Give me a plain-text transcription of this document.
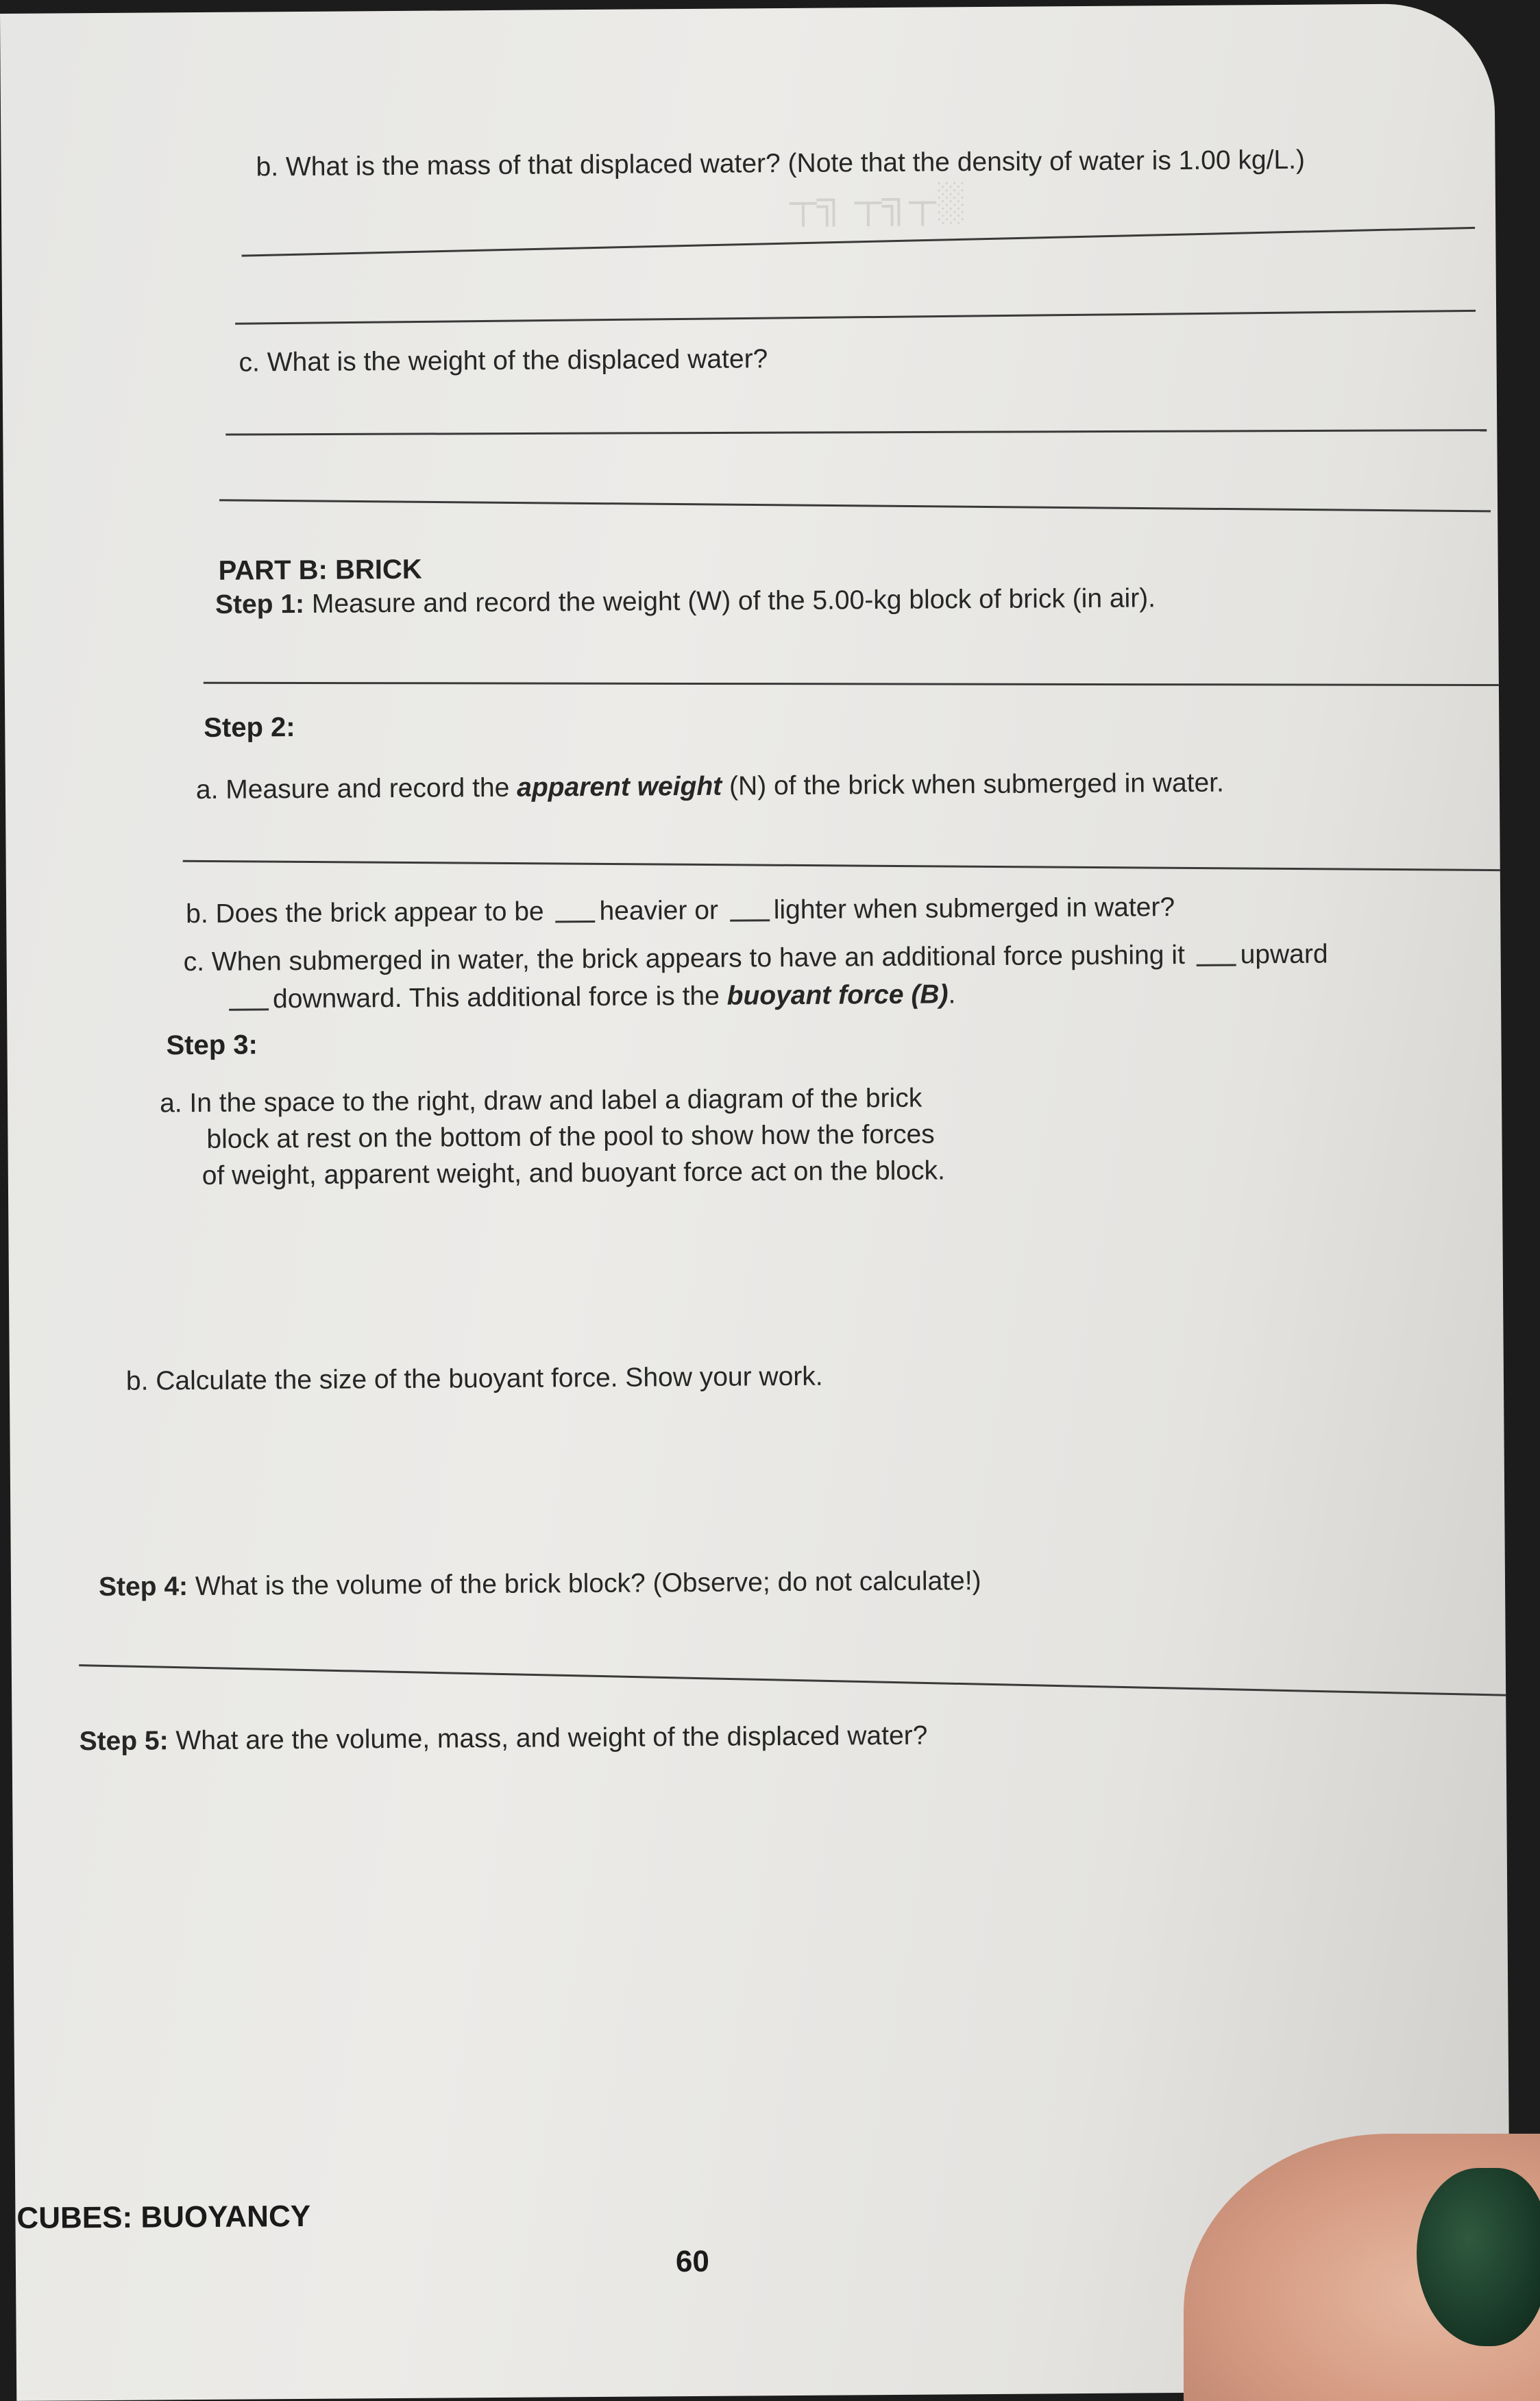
┬╗ ┬╗┬░
b. What is the mass of that displaced water? (Note that the density of water is 1.00 kg/L.)
c. What is the weight of the displaced water?
PART B: BRICK
Step 1: Measure and record the weight (W) of the 5.00-kg block of brick (in air).
Step 2:
a. Measure and record the apparent weight (N) of the brick when submerged in water.
b. Does the brick appear to be heavier or lighter when submerged in water?
c. When submerged in water, the brick appears to have an additional force pushing it upward
downward. This additional force is the buoyant force (B).
Step 3:
a. In the space to the right, draw and label a diagram of the brick
block at rest on the bottom of the pool to show how the forces
of weight, apparent weight, and buoyant force act on the block.
b. Calculate the size of the buoyant force. Show your work.
Step 4: What is the volume of the brick block? (Observe; do not calculate!)
Step 5: What are the volume, mass, and weight of the displaced water?
CUBES: BUOYANCY
60
